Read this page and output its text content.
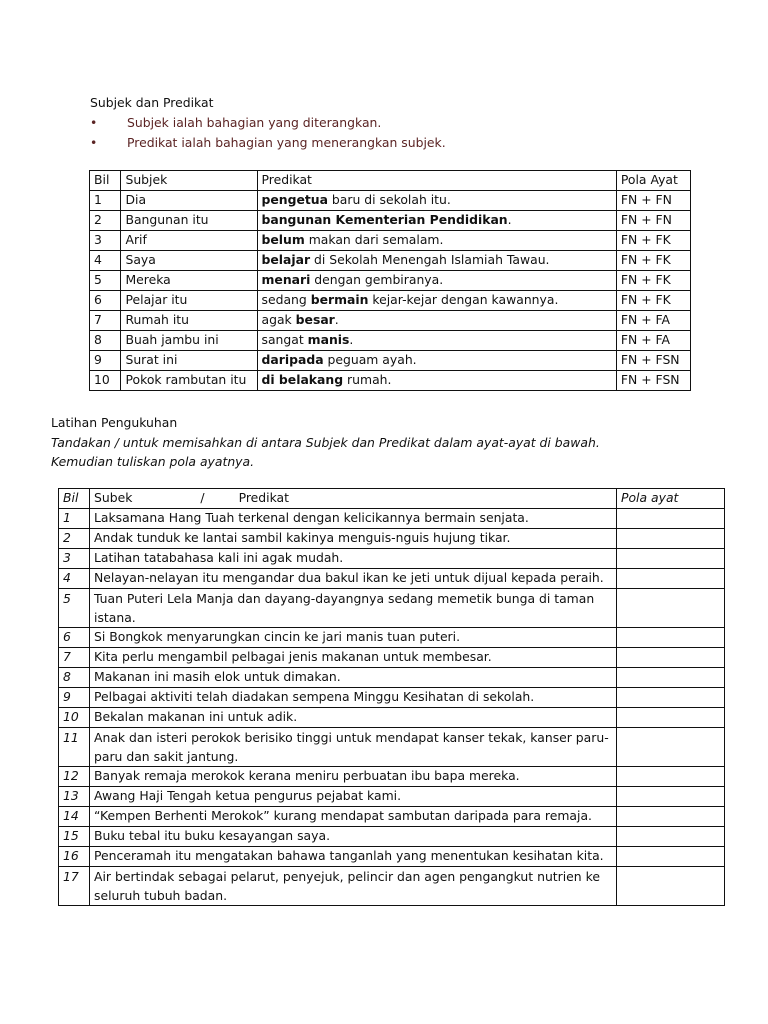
Subjek dan Predikat
• Subjek ialah bahagian yang diterangkan.
• Predikat ialah bahagian yang menerangkan subjek.
Bil	Subjek	Predikat	Pola Ayat
1	Dia	pengetua baru di sekolah itu.	FN + FN
2	Bangunan itu	bangunan Kementerian Pendidikan.	FN + FN
3	Arif	belum makan dari semalam.	FN + FK
4	Saya	belajar di Sekolah Menengah Islamiah Tawau.	FN + FK
5	Mereka	menari dengan gembiranya.	FN + FK
6	Pelajar itu	sedang bermain kejar-kejar dengan kawannya.	FN + FK
7	Rumah itu	agak besar.	FN + FA
8	Buah jambu ini	sangat manis.	FN + FA
9	Surat ini	daripada peguam ayah.	FN + FSN
10	Pokok rambutan itu	di belakang rumah.	FN + FSN
Latihan Pengukuhan
Tandakan / untuk memisahkan di antara Subjek dan Predikat dalam ayat-ayat di bawah.
Kemudian tuliskan pola ayatnya.
Bil	Subek / Predikat	Pola ayat
1	Laksamana Hang Tuah terkenal dengan kelicikannya bermain senjata.	
2	Andak tunduk ke lantai sambil kakinya menguis-nguis hujung tikar.	
3	Latihan tatabahasa kali ini agak mudah.	
4	Nelayan-nelayan itu mengandar dua bakul ikan ke jeti untuk dijual kepada peraih.	
5	Tuan Puteri Lela Manja dan dayang-dayangnya sedang memetik bunga di taman istana.	
6	Si Bongkok menyarungkan cincin ke jari manis tuan puteri.	
7	Kita perlu mengambil pelbagai jenis makanan untuk membesar.	
8	Makanan ini masih elok untuk dimakan.	
9	Pelbagai aktiviti telah diadakan sempena Minggu Kesihatan di sekolah.	
10	Bekalan makanan ini untuk adik.	
11	Anak dan isteri perokok berisiko tinggi untuk mendapat kanser tekak, kanser paru-paru dan sakit jantung.	
12	Banyak remaja merokok kerana meniru perbuatan ibu bapa mereka.	
13	Awang Haji Tengah ketua pengurus pejabat kami.	
14	“Kempen Berhenti Merokok” kurang mendapat sambutan daripada para remaja.	
15	Buku tebal itu buku kesayangan saya.	
16	Penceramah itu mengatakan bahawa tanganlah yang menentukan kesihatan kita.	
17	Air bertindak sebagai pelarut, penyejuk, pelincir dan agen pengangkut nutrien ke seluruh tubuh badan.	
